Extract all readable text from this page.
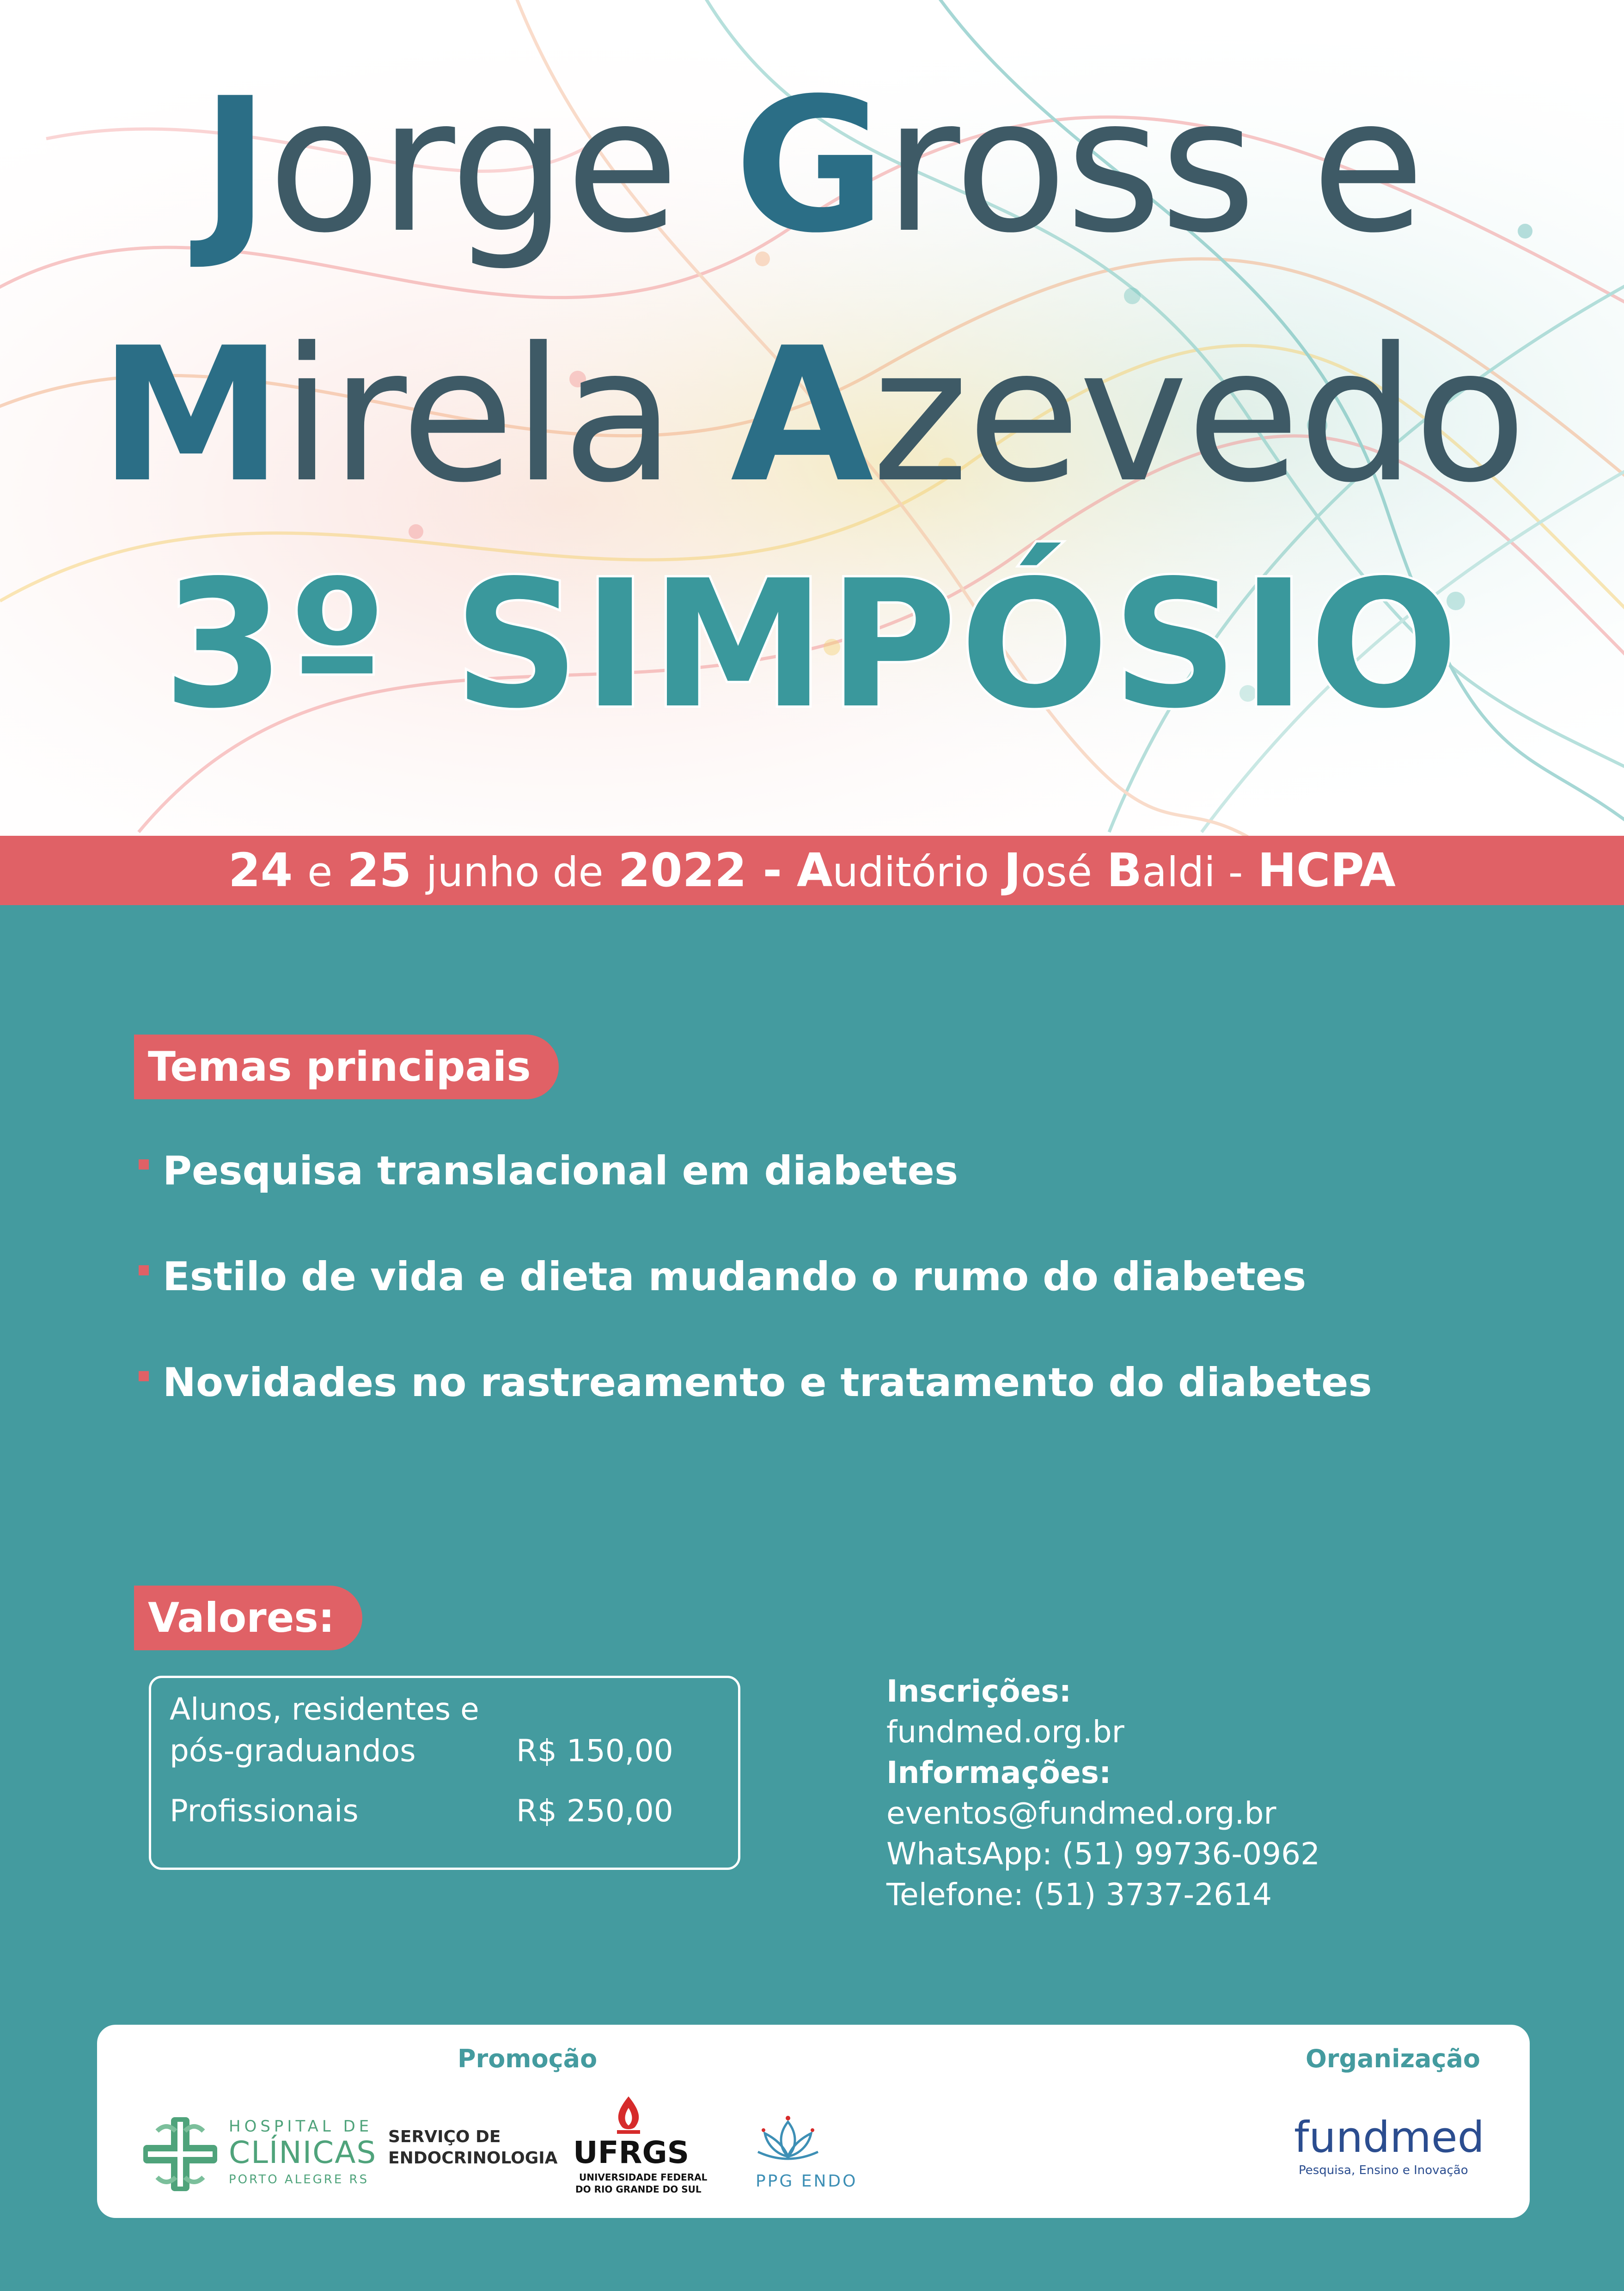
Jorge Gross e
Mirela Azevedo
3º SIMPÓSIO
24 e 25 junho de 2022 - Auditório José Baldi - HCPA
Temas principais
Pesquisa translacional em diabetes
Estilo de vida e dieta mudando o rumo do diabetes
Novidades no rastreamento e tratamento do diabetes
Valores:
Alunos, residentes e
pós-graduandos	R$ 150,00
Profissionais	R$ 250,00
Inscrições:
fundmed.org.br
Informações:
eventos@fundmed.org.br
WhatsApp: (51) 99736-0962
Telefone: (51) 3737-2614
Promoção	Organização
HOSPITAL DE
CLÍNICAS
PORTO ALEGRE RS
SERVIÇO DE
ENDOCRINOLOGIA UFRGS
UNIVERSIDADE FEDERAL
DO RIO GRANDE DO SUL	PPG ENDO
fundmed
Pesquisa, Ensino e Inovação
